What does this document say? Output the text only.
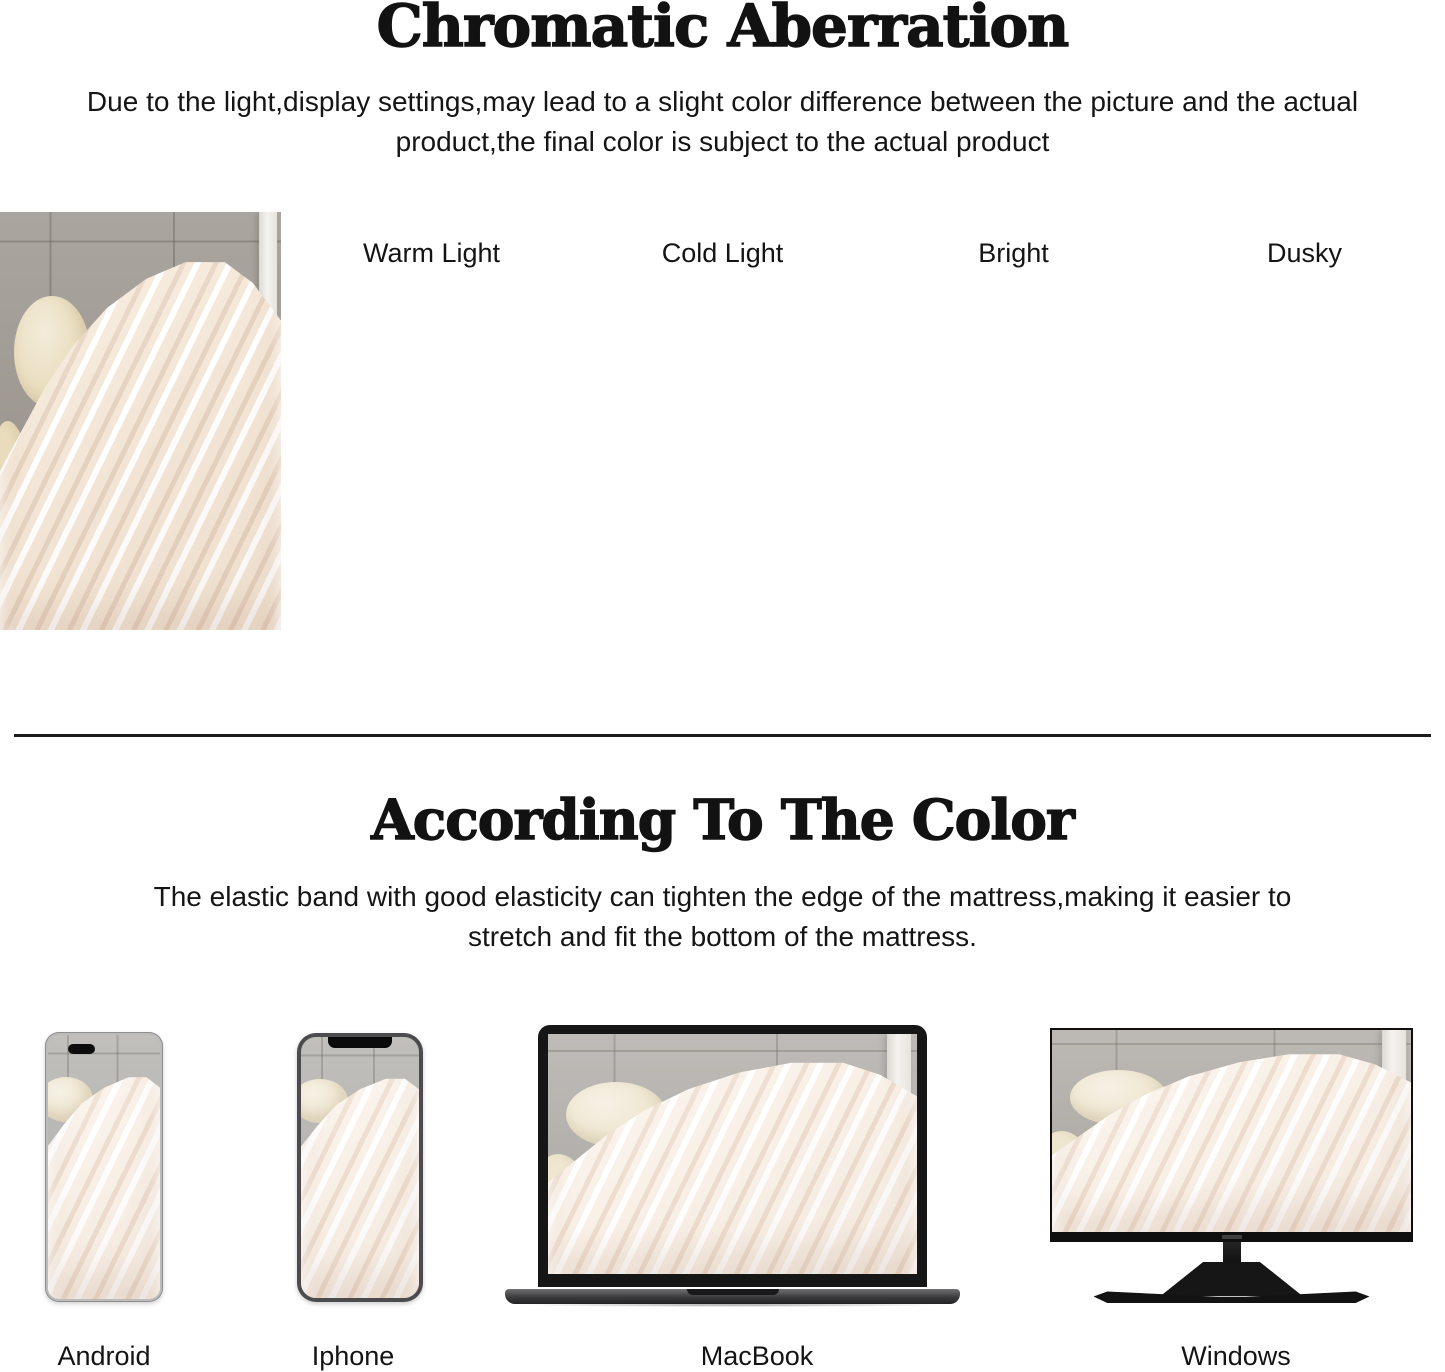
Chromatic Aberration

Due to the light,display settings,may lead to a slight color difference between the picture and the actual product,the final color is subject to the actual product

Warm Light	Cold Light	Bright	Dusky
According To The Color

The elastic band with good elasticity can tighten the edge of the mattress,making it easier to stretch and fit the bottom of the mattress.

Android	Iphone	MacBook	Windows
